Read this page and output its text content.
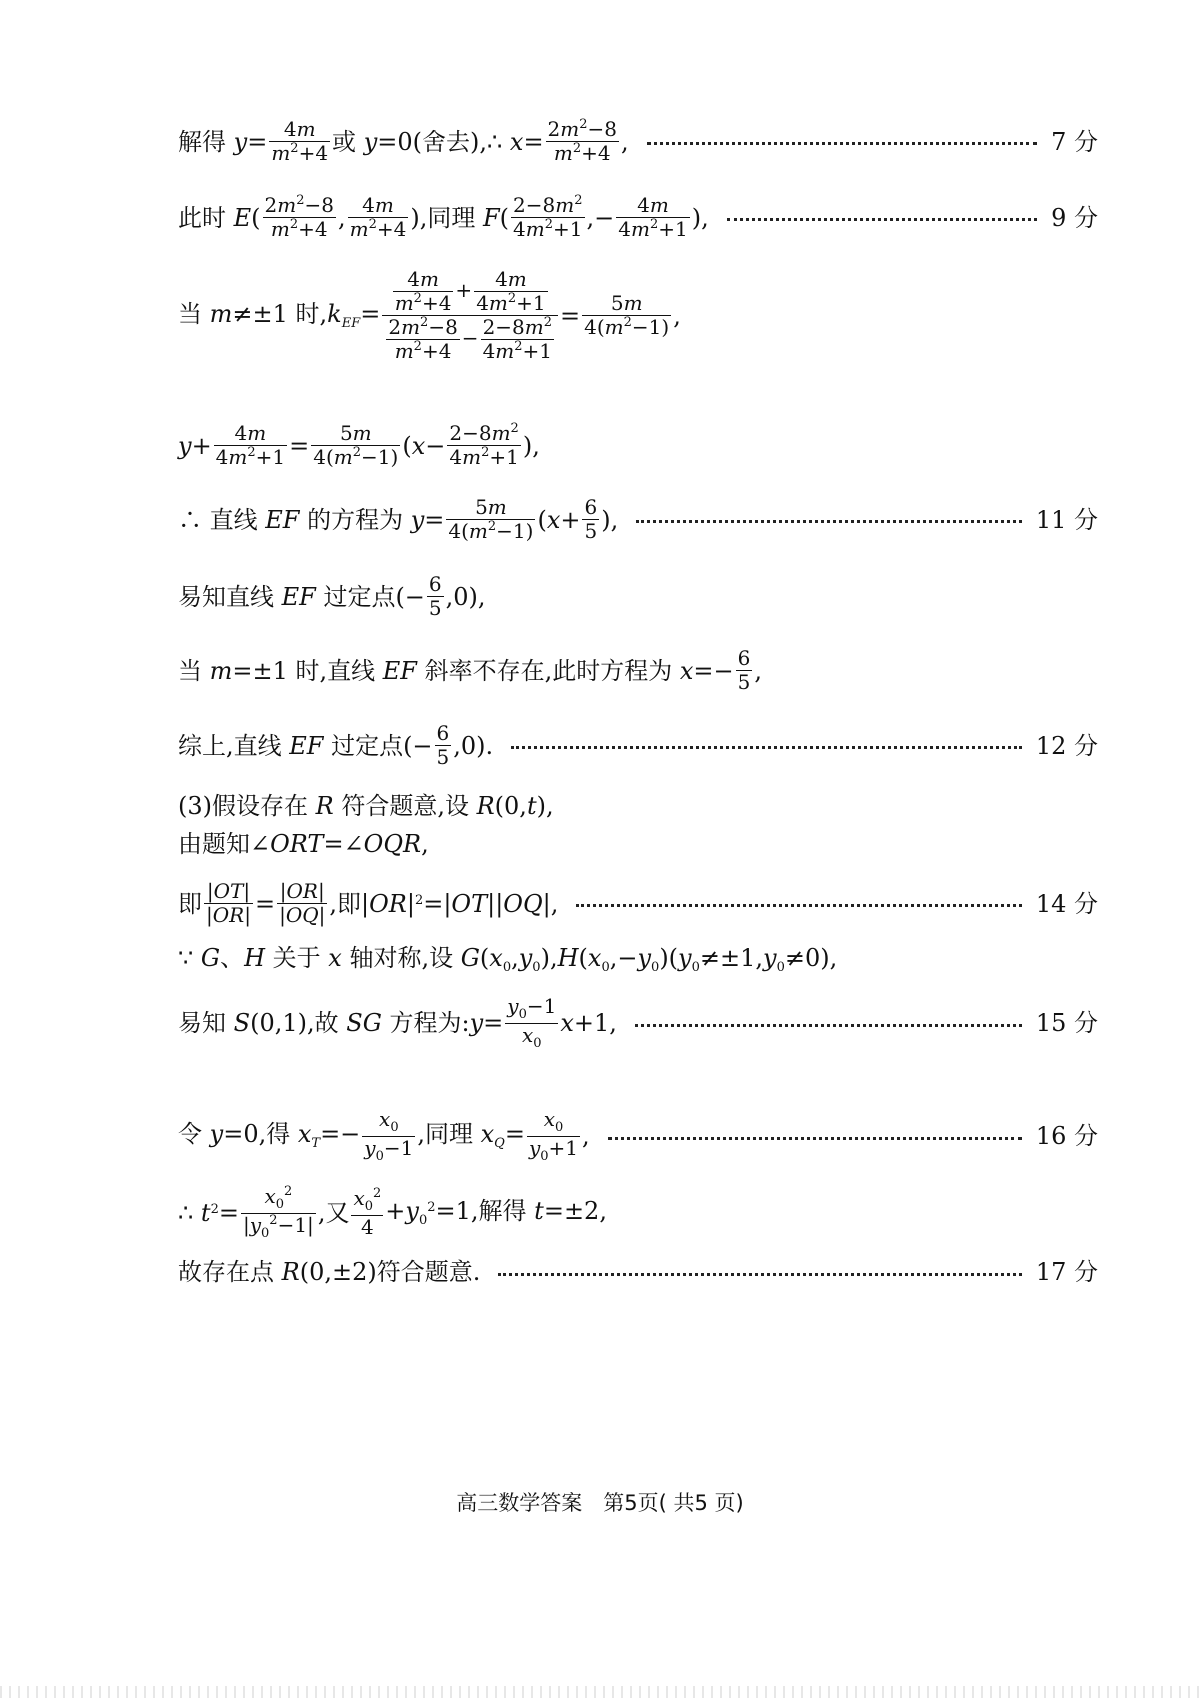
解得 $y= \frac{4m}{m^2+4}$ 或 y=0(舍去),∴ $x= \frac{2m^2-8}{m^2+4}$ ,	7 分
此时 $E( \frac{2m^2-8}{m^2+4}$ , $\frac{4m}{m^2+4}$ ),同理 $F( \frac{2-8m^2}{4m^2+1}$ ,− $\frac{4m}{4m^2+1}$ ),	9 分
当 m≠±1 时$,k_{EF}= \frac{\frac{4m}{m^2+4} + \frac{4m}{4m^2+1}}{\frac{2m^2-8}{m^2+4} - \frac{2-8m^2}{4m^2+1}} = \frac{5m}{4(m^2-1)}$ ,
$y+ \frac{4m}{4m^2+1} = \frac{5m}{4(m^2-1)} (x- \frac{2-8m^2}{4m^2+1}$ ),
∴ 直线 EF 的方程为 $y= \frac{5m}{4(m^2-1)} (x+ \frac{6}{5}$ ),	11 分
易知直线 EF 过定点(− $\frac{6}{5} ,0$),
当 m=±1 时,直线 EF 斜率不存在,此时方程为 $x=- \frac{6}{5}$ ,
综上,直线 EF 过定点(− $\frac{6}{5} ,0$).	12 分
(3)假设存在 R 符合题意,设 R(0,t),
由题知∠ORT=∠OQR,
即 $\frac{|OT|}{|OR|} = \frac{|OR|}{|OQ|}$ ,即$|OR|^2=|OT||OQ|$,	14 分
∵ G、H 关于 x 轴对称,设 $G(x_0,y_0),H(x_0,-y_0)(y_0\ne\pm 1,y_0\ne 0)$,
易知 S(0,1),故 SG 方程为:y= $\frac{y_0-1}{x_0} x+1$,	15 分
令 y=0,得 $x_T=- \frac{x_0}{y_0-1}$ ,同理 $x_Q= \frac{x_0}{y_0+1}$ ,	16 分
∴ $t^2= \frac{x_0^2}{|y_0^2-1|}$ ,又 $\frac{x_0^2}{4} +y_0^2=1$,解得 t=±2,
故存在点 R(0,±2)符合题意.	17 分
高三数学答案　第5页( 共5 页)
